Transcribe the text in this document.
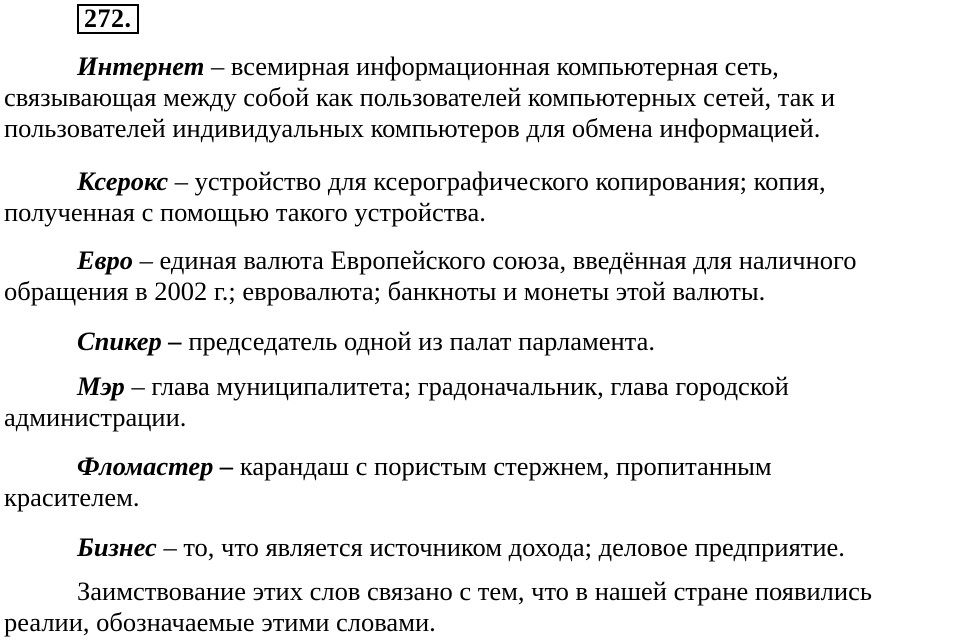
272.

Интернет – всемирная информационная компьютерная сеть,
связывающая между собой как пользователей компьютерных сетей, так и
пользователей индивидуальных компьютеров для обмена информацией.

Ксерокс – устройство для ксерографического копирования; копия,
полученная с помощью такого устройства.

Евро – единая валюта Европейского союза, введённая для наличного
обращения в 2002 г.; евровалюта; банкноты и монеты этой валюты.

Спикер – председатель одной из палат парламента.

Мэр – глава муниципалитета; градоначальник, глава городской
администрации.

Фломастер – карандаш с пористым стержнем, пропитанным
красителем.

Бизнес – то, что является источником дохода; деловое предприятие.

Заимствование этих слов связано с тем, что в нашей стране появились
реалии, обозначаемые этими словами.
